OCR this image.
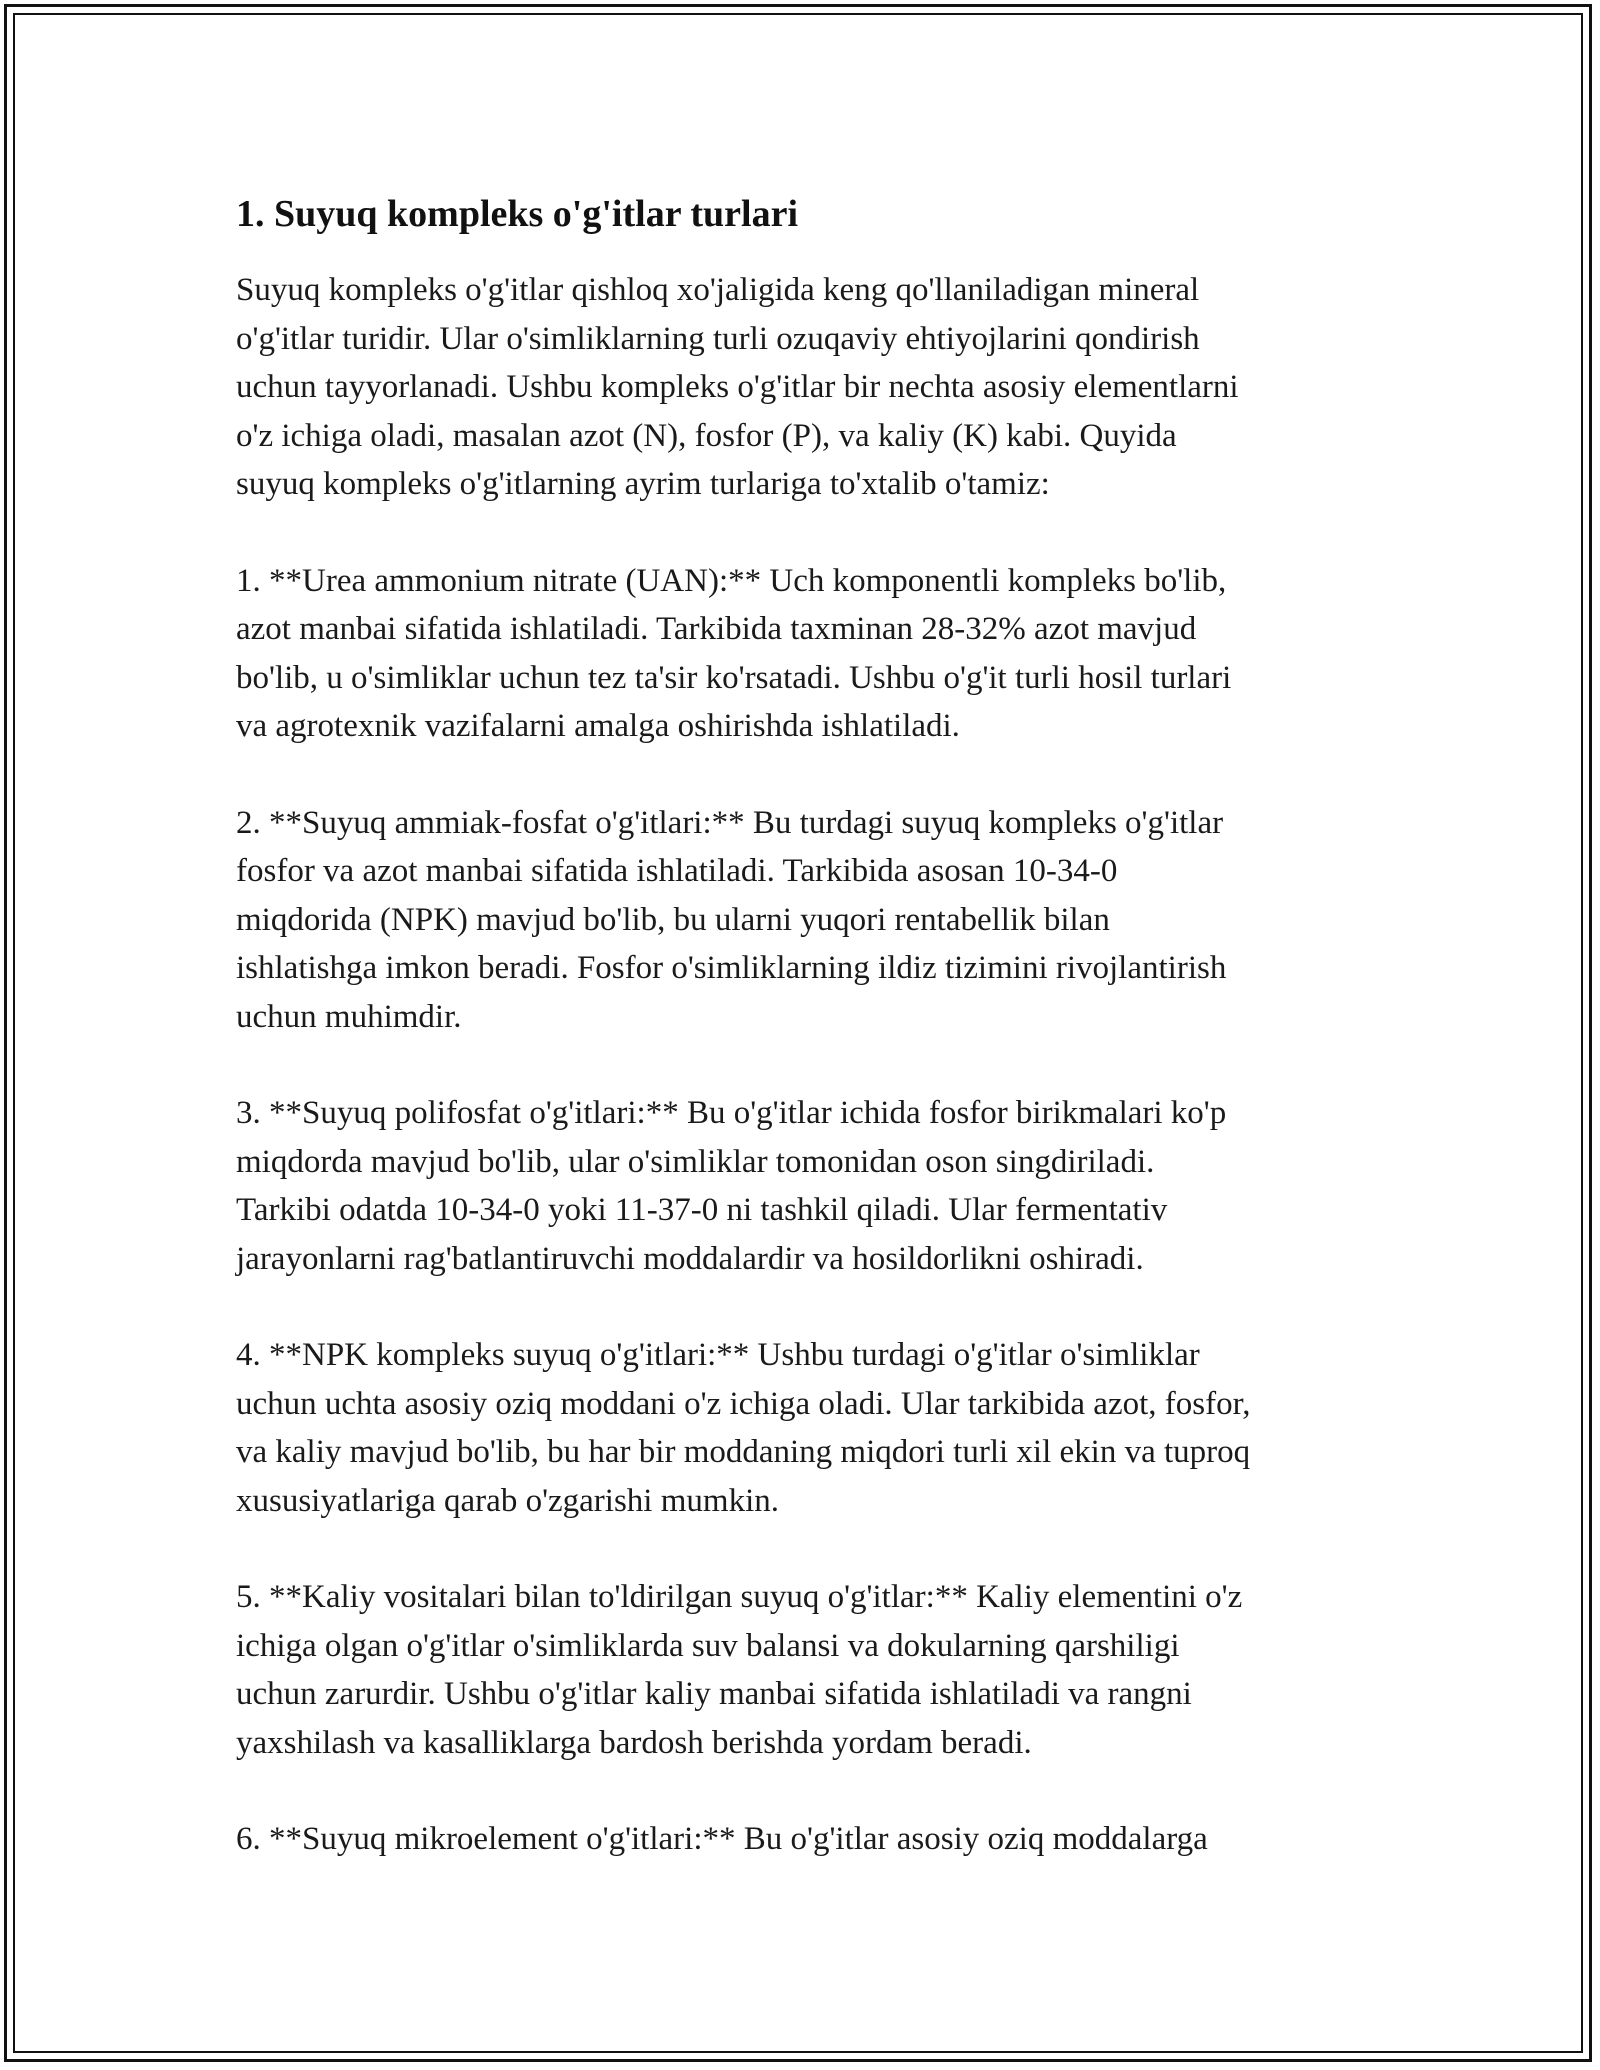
1. Suyuq kompleks o'g'itlar turlari

Suyuq kompleks o'g'itlar qishloq xo'jaligida keng qo'llaniladigan mineral
o'g'itlar turidir. Ular o'simliklarning turli ozuqaviy ehtiyojlarini qondirish
uchun tayyorlanadi. Ushbu kompleks o'g'itlar bir nechta asosiy elementlarni
o'z ichiga oladi, masalan azot (N), fosfor (P), va kaliy (K) kabi. Quyida
suyuq kompleks o'g'itlarning ayrim turlariga to'xtalib o'tamiz:

1. **Urea ammonium nitrate (UAN):** Uch komponentli kompleks bo'lib,
azot manbai sifatida ishlatiladi. Tarkibida taxminan 28-32% azot mavjud
bo'lib, u o'simliklar uchun tez ta'sir ko'rsatadi. Ushbu o'g'it turli hosil turlari
va agrotexnik vazifalarni amalga oshirishda ishlatiladi.

2. **Suyuq ammiak-fosfat o'g'itlari:** Bu turdagi suyuq kompleks o'g'itlar
fosfor va azot manbai sifatida ishlatiladi. Tarkibida asosan 10-34-0
miqdorida (NPK) mavjud bo'lib, bu ularni yuqori rentabellik bilan
ishlatishga imkon beradi. Fosfor o'simliklarning ildiz tizimini rivojlantirish
uchun muhimdir.

3. **Suyuq polifosfat o'g'itlari:** Bu o'g'itlar ichida fosfor birikmalari ko'p
miqdorda mavjud bo'lib, ular o'simliklar tomonidan oson singdiriladi.
Tarkibi odatda 10-34-0 yoki 11-37-0 ni tashkil qiladi. Ular fermentativ
jarayonlarni rag'batlantiruvchi moddalardir va hosildorlikni oshiradi.

4. **NPK kompleks suyuq o'g'itlari:** Ushbu turdagi o'g'itlar o'simliklar
uchun uchta asosiy oziq moddani o'z ichiga oladi. Ular tarkibida azot, fosfor,
va kaliy mavjud bo'lib, bu har bir moddaning miqdori turli xil ekin va tuproq
xususiyatlariga qarab o'zgarishi mumkin.

5. **Kaliy vositalari bilan to'ldirilgan suyuq o'g'itlar:** Kaliy elementini o'z
ichiga olgan o'g'itlar o'simliklarda suv balansi va dokularning qarshiligi
uchun zarurdir. Ushbu o'g'itlar kaliy manbai sifatida ishlatiladi va rangni
yaxshilash va kasalliklarga bardosh berishda yordam beradi.

6. **Suyuq mikroelement o'g'itlari:** Bu o'g'itlar asosiy oziq moddalarga
